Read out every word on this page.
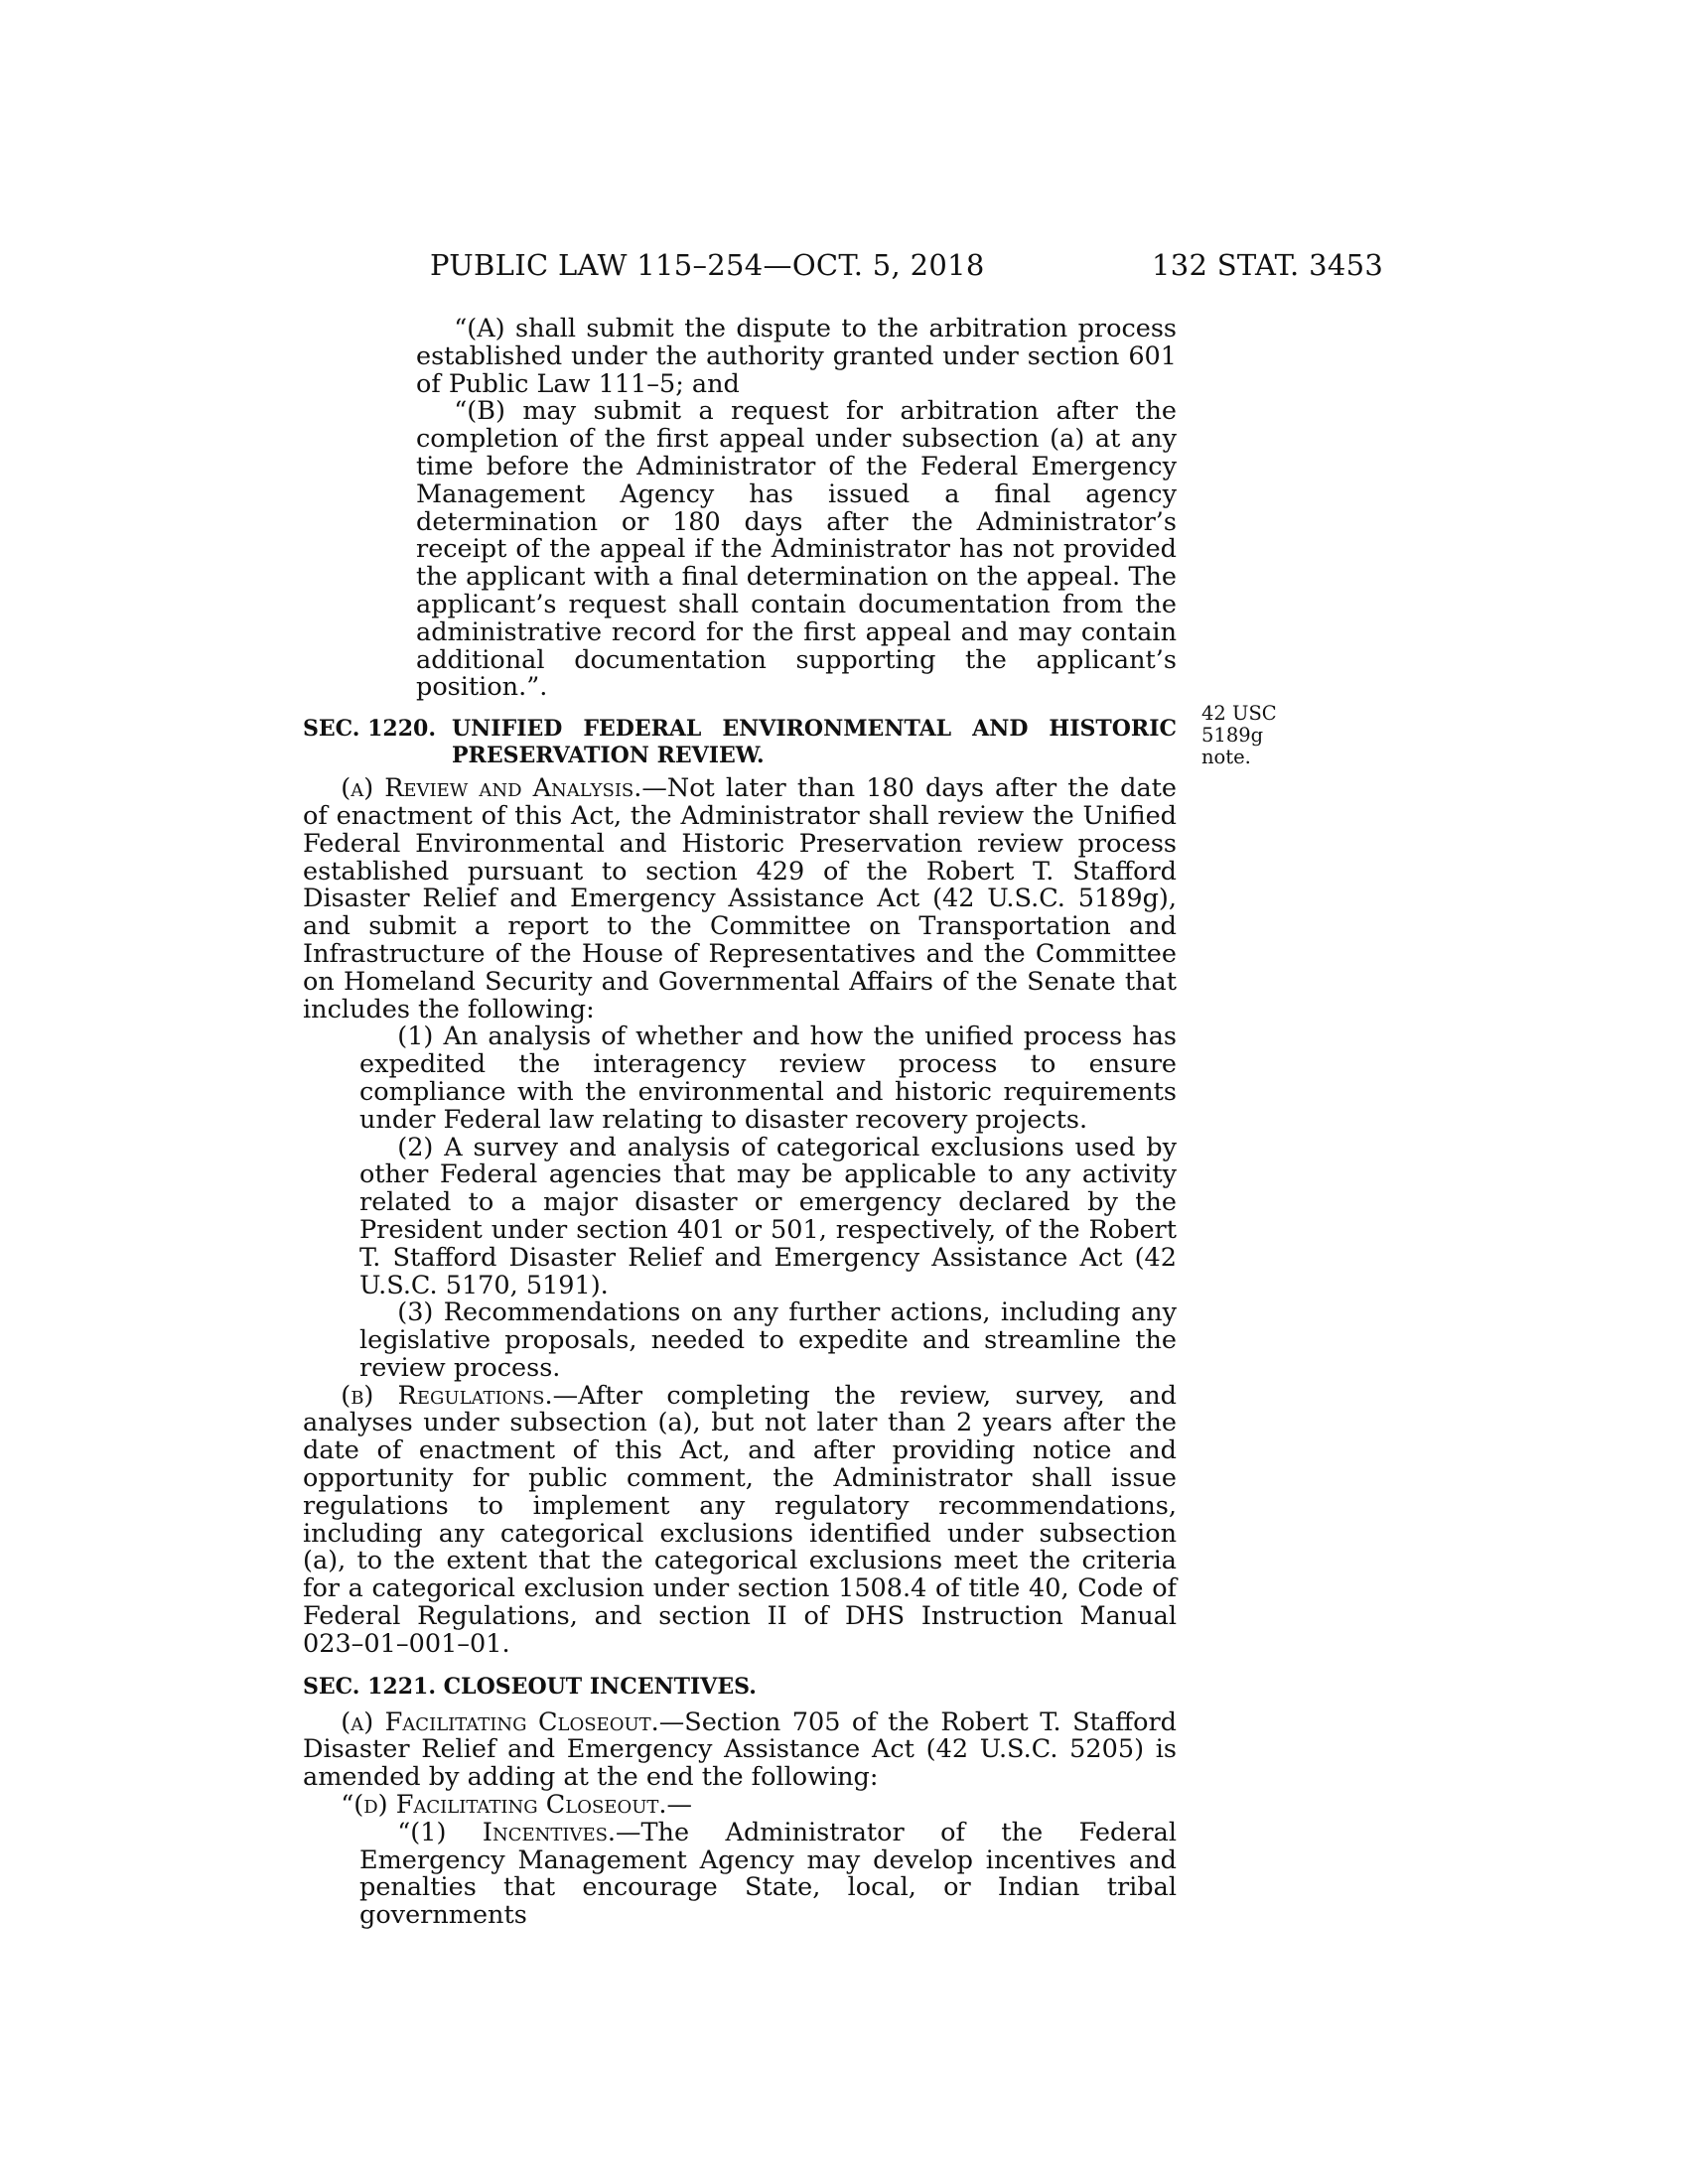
PUBLIC LAW 115–254—OCT. 5, 2018	132 STAT. 3453
42 USC 5189g
note.

“(A) shall submit the dispute to the arbitration process established under the authority granted under section 601 of Public Law 111–5; and

“(B) may submit a request for arbitration after the completion of the first appeal under subsection (a) at any time before the Administrator of the Federal Emergency Management Agency has issued a final agency determination or 180 days after the Administrator’s receipt of the appeal if the Administrator has not provided the applicant with a final determination on the appeal. The applicant’s request shall contain documentation from the administrative record for the first appeal and may contain additional documentation supporting the applicant’s position.”.

SEC. 1220. UNIFIED FEDERAL ENVIRONMENTAL AND HISTORIC PRESERVATION REVIEW.

(a) Review and Analysis.—Not later than 180 days after the date of enactment of this Act, the Administrator shall review the Unified Federal Environmental and Historic Preservation review process established pursuant to section 429 of the Robert T. Stafford Disaster Relief and Emergency Assistance Act (42 U.S.C. 5189g), and submit a report to the Committee on Transportation and Infrastructure of the House of Representatives and the Committee on Homeland Security and Governmental Affairs of the Senate that includes the following:

(1) An analysis of whether and how the unified process has expedited the interagency review process to ensure compliance with the environmental and historic requirements under Federal law relating to disaster recovery projects.

(2) A survey and analysis of categorical exclusions used by other Federal agencies that may be applicable to any activity related to a major disaster or emergency declared by the President under section 401 or 501, respectively, of the Robert T. Stafford Disaster Relief and Emergency Assistance Act (42 U.S.C. 5170, 5191).

(3) Recommendations on any further actions, including any legislative proposals, needed to expedite and streamline the review process.

(b) Regulations.—After completing the review, survey, and analyses under subsection (a), but not later than 2 years after the date of enactment of this Act, and after providing notice and opportunity for public comment, the Administrator shall issue regulations to implement any regulatory recommendations, including any categorical exclusions identified under subsection (a), to the extent that the categorical exclusions meet the criteria for a categorical exclusion under section 1508.4 of title 40, Code of Federal Regulations, and section II of DHS Instruction Manual 023–01–001–01.

SEC. 1221. CLOSEOUT INCENTIVES.

(a) Facilitating Closeout.—Section 705 of the Robert T. Stafford Disaster Relief and Emergency Assistance Act (42 U.S.C. 5205) is amended by adding at the end the following:

“(d) Facilitating Closeout.—

“(1) Incentives.—The Administrator of the Federal Emergency Management Agency may develop incentives and penalties that encourage State, local, or Indian tribal governments
